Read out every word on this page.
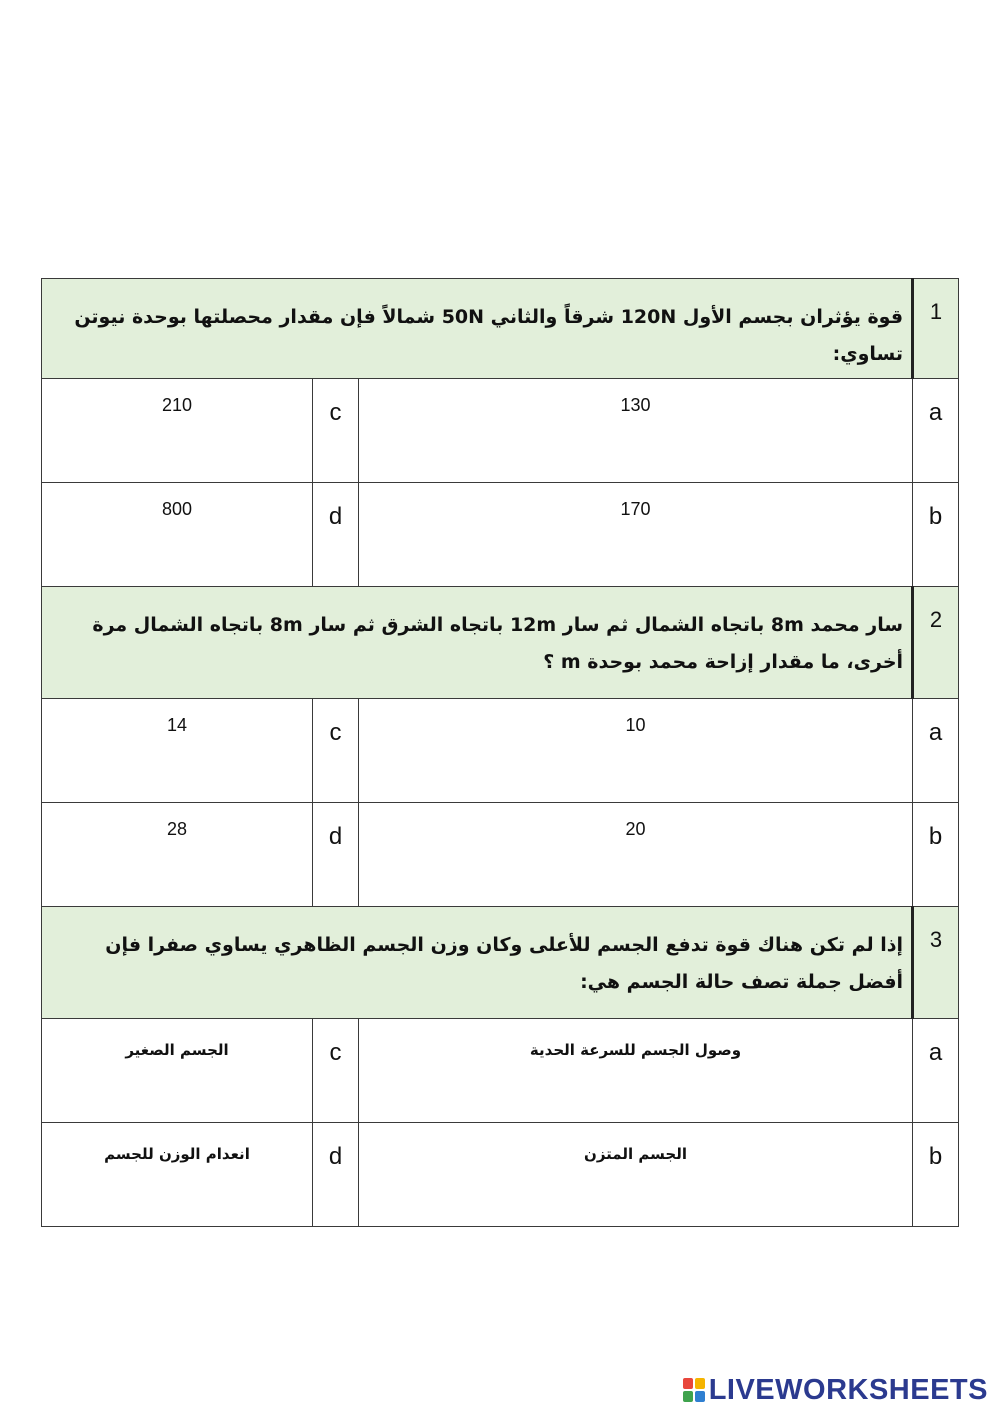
قوة يؤثران بجسم الأول 120N شرقاً والثاني 50N شمالاً فإن مقدار محصلتها بوحدة نيوتن تساوي:			1
210	c	130	a
800	d	170	b

سار محمد 8m باتجاه الشمال ثم سار 12m باتجاه الشرق ثم سار 8m باتجاه الشمال مرة أخرى، ما مقدار إزاحة محمد بوحدة m ؟			2
14	c	10	a
28	d	20	b

إذا لم تكن هناك قوة تدفع الجسم للأعلى وكان وزن الجسم الظاهري يساوي صفرا فإن أفضل جملة تصف حالة الجسم هي:			3
الجسم الصغير	c	وصول الجسم للسرعة الحدية	a
انعدام الوزن للجسم	d	الجسم المتزن	b
LIVEWORKSHEETS
